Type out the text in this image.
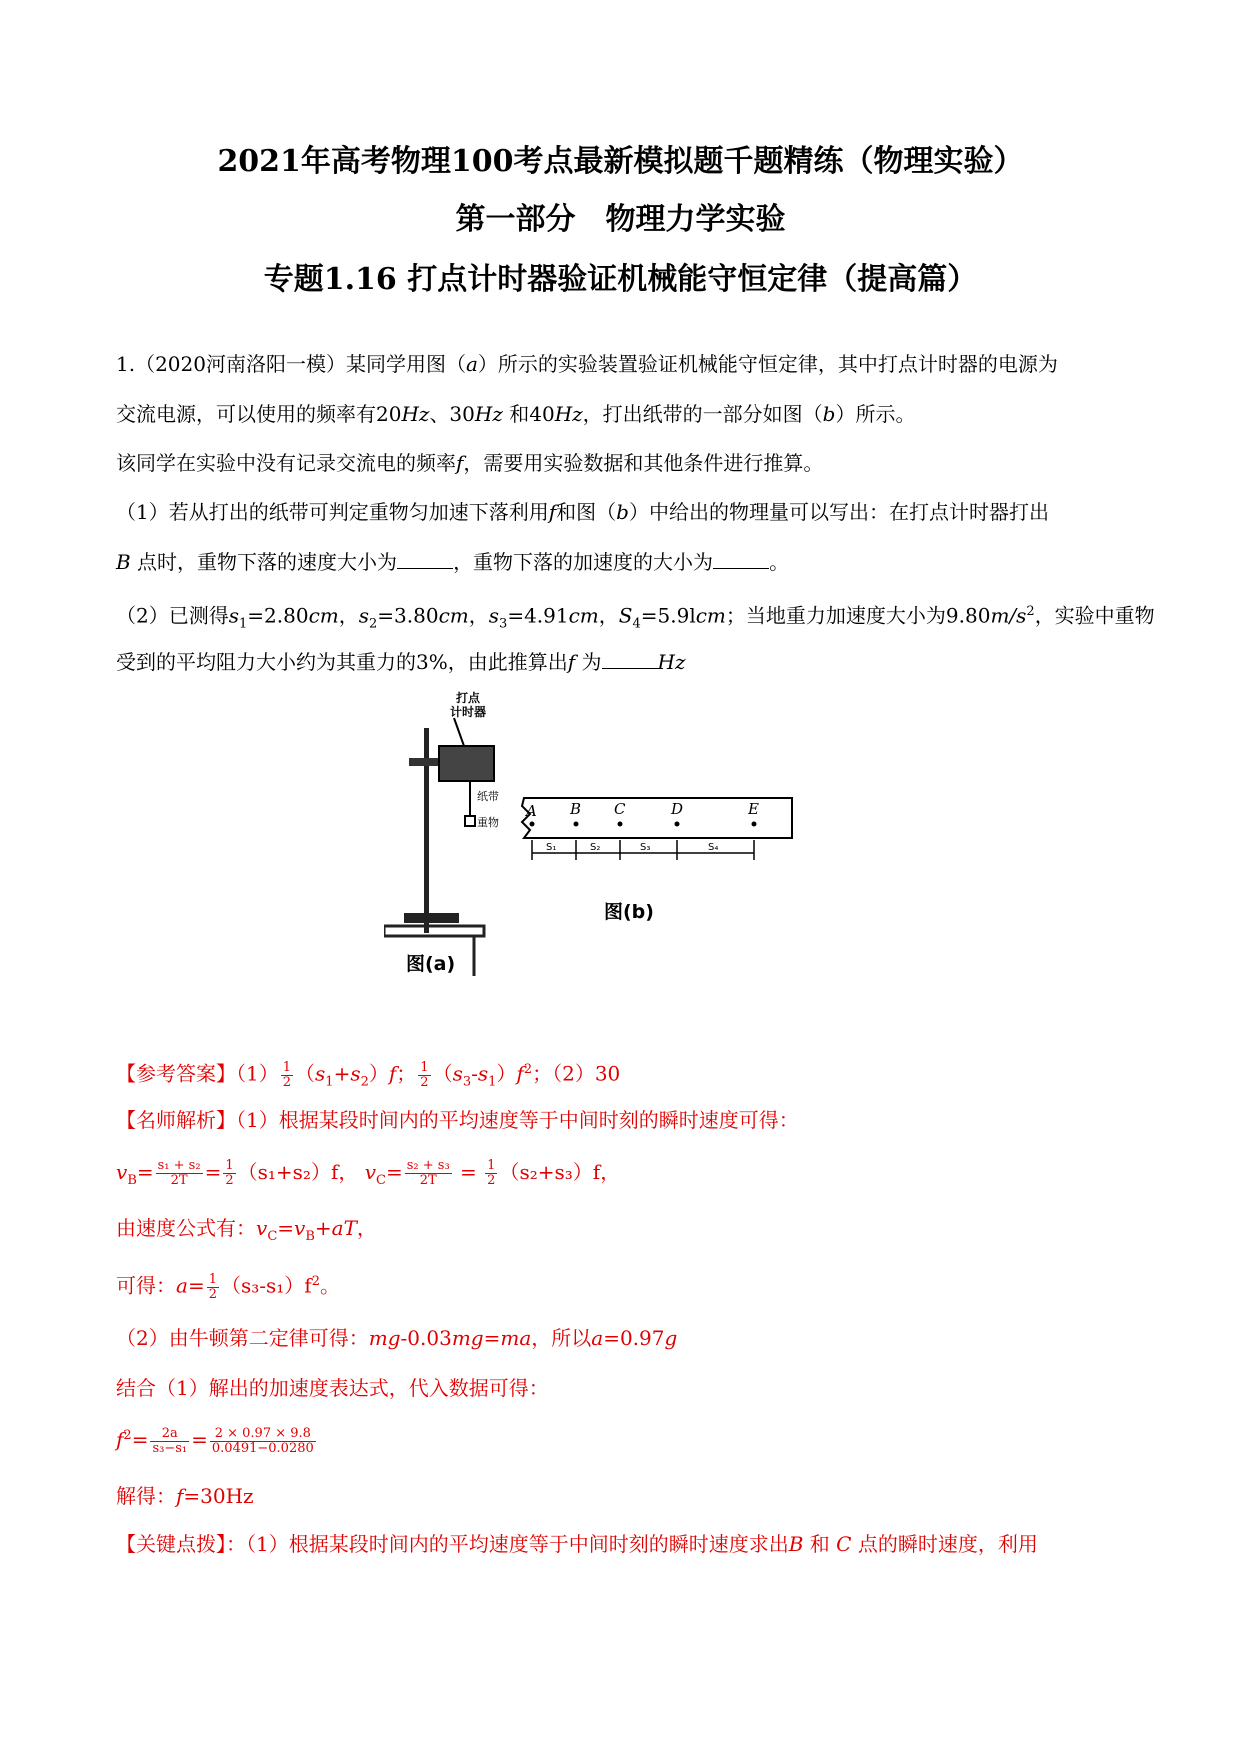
2021年高考物理100考点最新模拟题千题精练（物理实验）
第一部分　物理力学实验
专题1.16 打点计时器验证机械能守恒定律（提高篇）
1.（2020河南洛阳一模）某同学用图（a）所示的实验装置验证机械能守恒定律，其中打点计时器的电源为
交流电源，可以使用的频率有20Hz、30Hz 和40Hz，打出纸带的一部分如图（b）所示。
该同学在实验中没有记录交流电的频率f，需要用实验数据和其他条件进行推算。
（1）若从打出的纸带可判定重物匀加速下落利用f和图（b）中给出的物理量可以写出：在打点计时器打出
B 点时，重物下落的速度大小为	，重物下落的加速度的大小为	。
（2）已测得$s_1=2.80cm$，$s_2=3.80cm$，$s_3=4.91cm$，$S_4=5.9lcm$；当地重力加速度大小为$9.80m/s^2$，实验中重物
受到的平均阻力大小约为其重力的3%，由此推算出f 为	Hz
打点
计时器
纸带
重物
A B C	D	E
S₁	S₂	S₃	S₄
图(b)
图(a)
【参考答案】$(1) \frac{1}{2} (s_1+s_2)f$； $\frac{1}{2} (s_3-s_1)f^2$；（2）30
【名师解析】（1）根据某段时间内的平均速度等于中间时刻的瞬时速度可得：
$v_B= \frac{\text{s₁ + s₂}}{2T} = \frac{1}{2} (s_1+s_2)f$， $v_C= \frac{\text{s₂ + s₃}}{2T} = \frac{1}{2} (s_2+s_3)f$，
由速度公式有：$v_C=v_B+aT$，
可得：$a= \frac{1}{2} (s_3-s_1)f^2$。
（2）由牛顿第二定律可得：mg-0.03mg=ma，所以a=0.97g
结合（1）解出的加速度表达式，代入数据可得：
$f^2= \frac{2a}{\text{s₃−s₁}} = \frac{2 \times 0.97 \times 9.8}{0.0491-0.0280}$
解得：f=30Hz
【关键点拨】：（1）根据某段时间内的平均速度等于中间时刻的瞬时速度求出B 和 C 点的瞬时速度，利用
